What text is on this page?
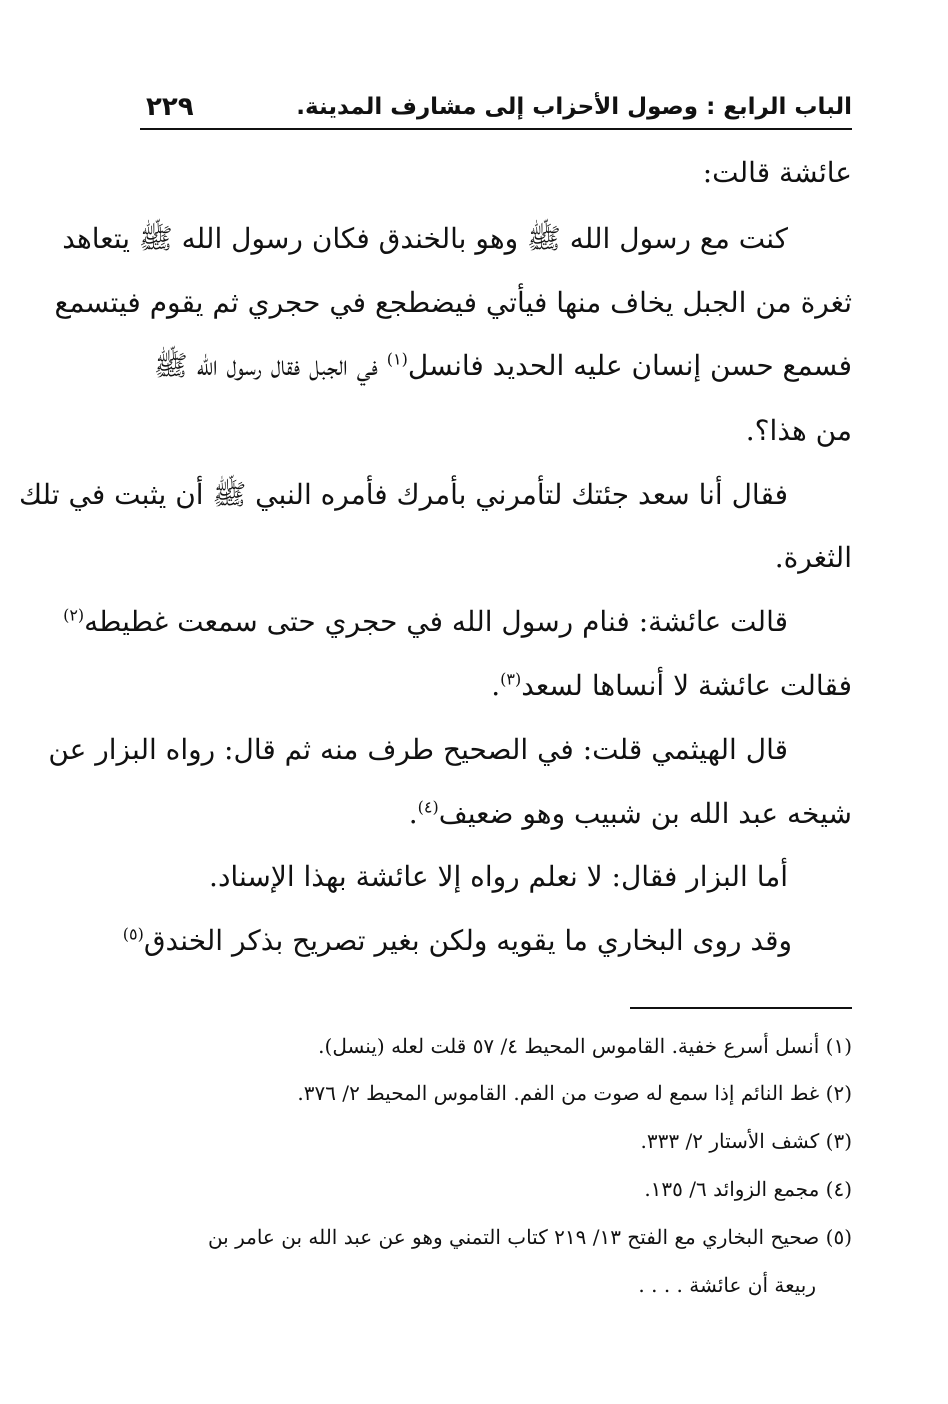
الباب الرابع : وصول الأحزاب إلى مشارف المدينة.
٢٢٩
عائشة قالت:
كنت مع رسول الله ﷺ وهو بالخندق فكان رسول الله ﷺ يتعاهد
ثغرة من الجبل يخاف منها فيأتي فيضطجع في حجري ثم يقوم فيتسمع
فسمع حسن إنسان عليه الحديد فانسل$^{(١)}$ في الجبل فقال رسول الله ﷺ
من هذا؟.
فقال أنا سعد جئتك لتأمرني بأمرك فأمره النبي ﷺ أن يثبت في تلك
الثغرة.
قالت عائشة: فنام رسول الله في حجري حتى سمعت غطيطه$^{(٢)}$
فقالت عائشة لا أنساها لسعد$^{(٣)}$.
قال الهيثمي قلت: في الصحيح طرف منه ثم قال: رواه البزار عن
شيخه عبد الله بن شبيب وهو ضعيف$^{(٤)}$.
أما البزار فقال: لا نعلم رواه إلا عائشة بهذا الإسناد.
وقد روى البخاري ما يقويه ولكن بغير تصريح بذكر الخندق$^{(٥)}$
(١) أنسل أسرع خفية. القاموس المحيط ٤/ ٥٧ قلت لعله (ينسل).
(٢) غط النائم إذا سمع له صوت من الفم. القاموس المحيط ٢/ ٣٧٦.
(٣) كشف الأستار ٢/ ٣٣٣.
(٤) مجمع الزوائد ٦/ ١٣٥.
(٥) صحيح البخاري مع الفتح ١٣/ ٢١٩ كتاب التمني وهو عن عبد الله بن عامر بن
ربيعة أن عائشة . . . .
